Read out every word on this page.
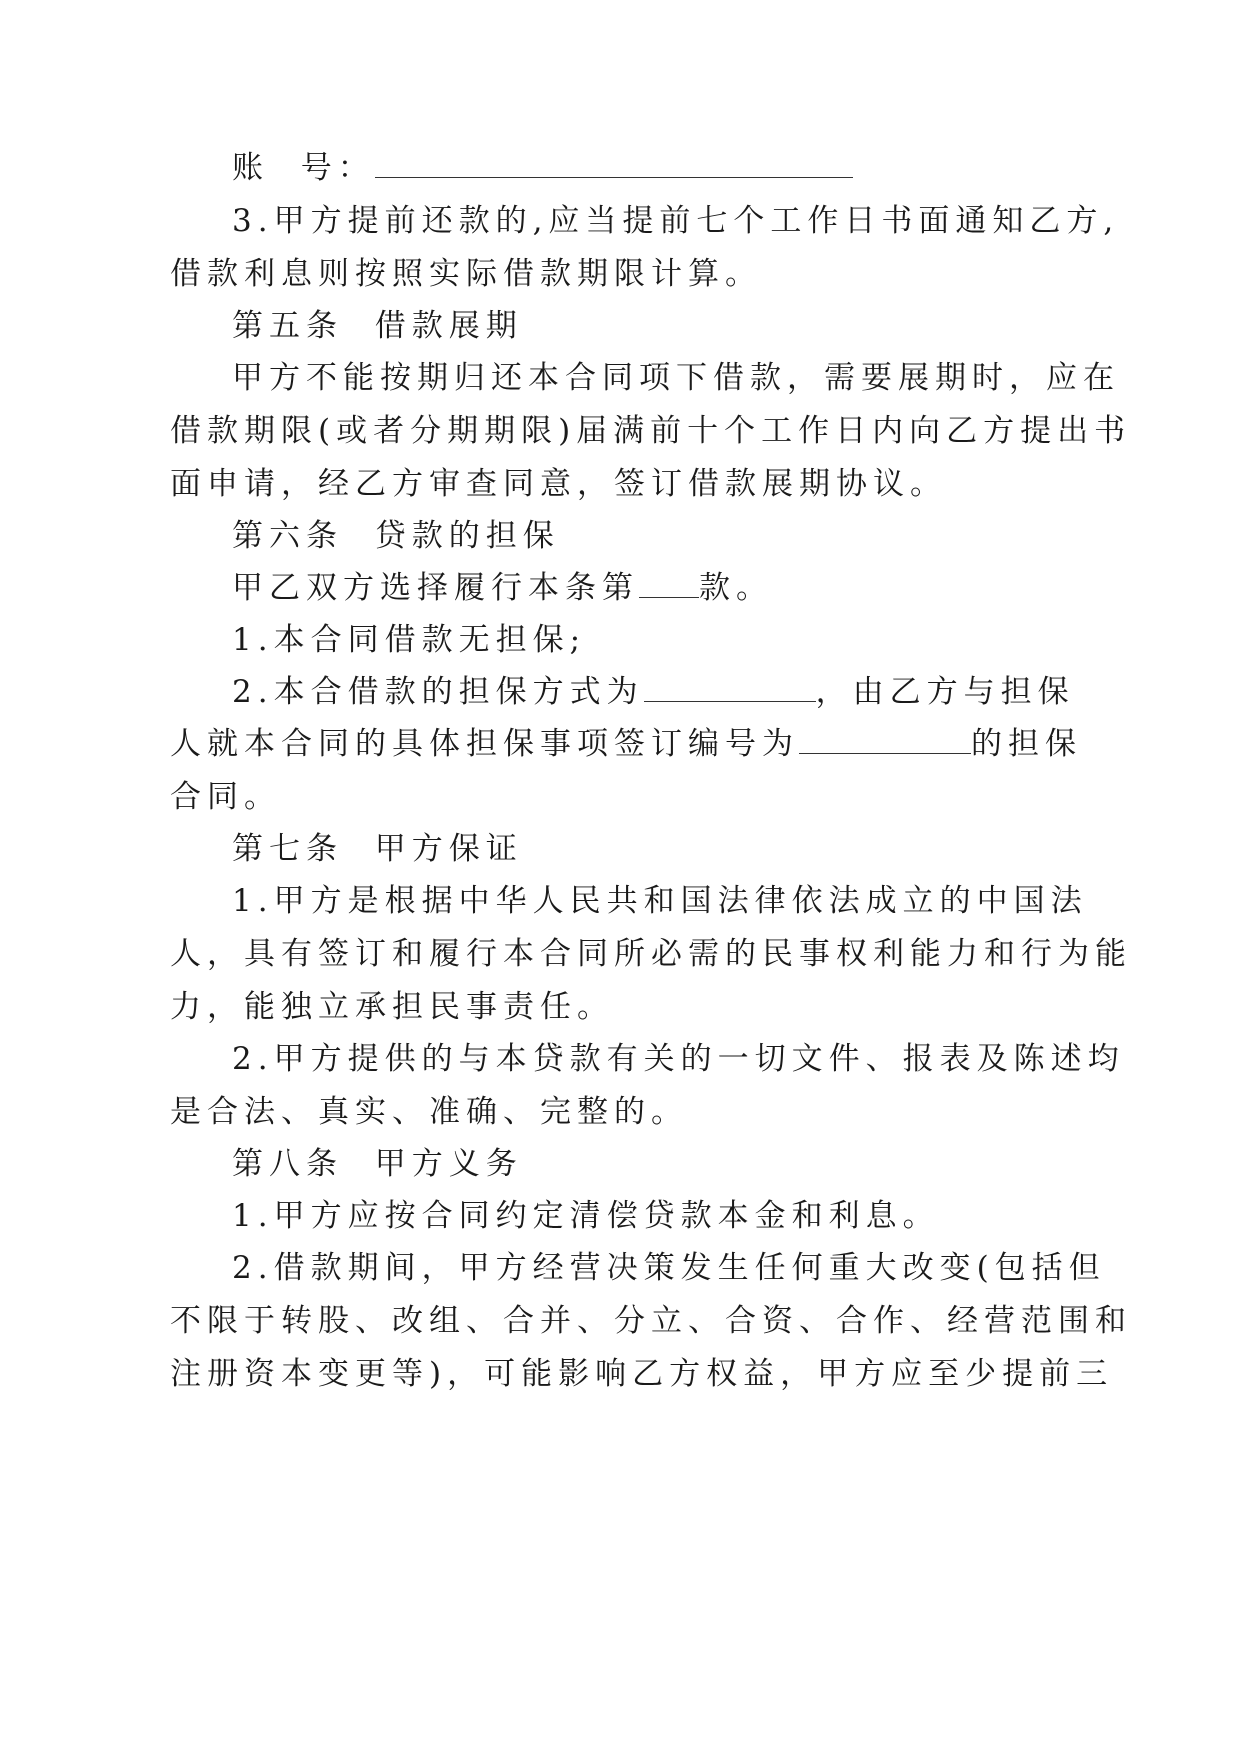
账  号：
3.甲方提前还款的,应当提前七个工作日书面通知乙方,
借款利息则按照实际借款期限计算。
第五条  借款展期
甲方不能按期归还本合同项下借款，需要展期时，应在
借款期限(或者分期期限)届满前十个工作日内向乙方提出书
面申请，经乙方审查同意，签订借款展期协议。
第六条  贷款的担保
甲乙双方选择履行本条第 款。
1.本合同借款无担保;
2.本合借款的担保方式为	，由乙方与担保
人就本合同的具体担保事项签订编号为	的担保
合同。
第七条  甲方保证
1.甲方是根据中华人民共和国法律依法成立的中国法
人，具有签订和履行本合同所必需的民事权利能力和行为能
力，能独立承担民事责任。
2.甲方提供的与本贷款有关的一切文件、报表及陈述均
是合法、真实、准确、完整的。
第八条  甲方义务
1.甲方应按合同约定清偿贷款本金和利息。
2.借款期间，甲方经营决策发生任何重大改变(包括但
不限于转股、改组、合并、分立、合资、合作、经营范围和
注册资本变更等)，可能影响乙方权益，甲方应至少提前三
